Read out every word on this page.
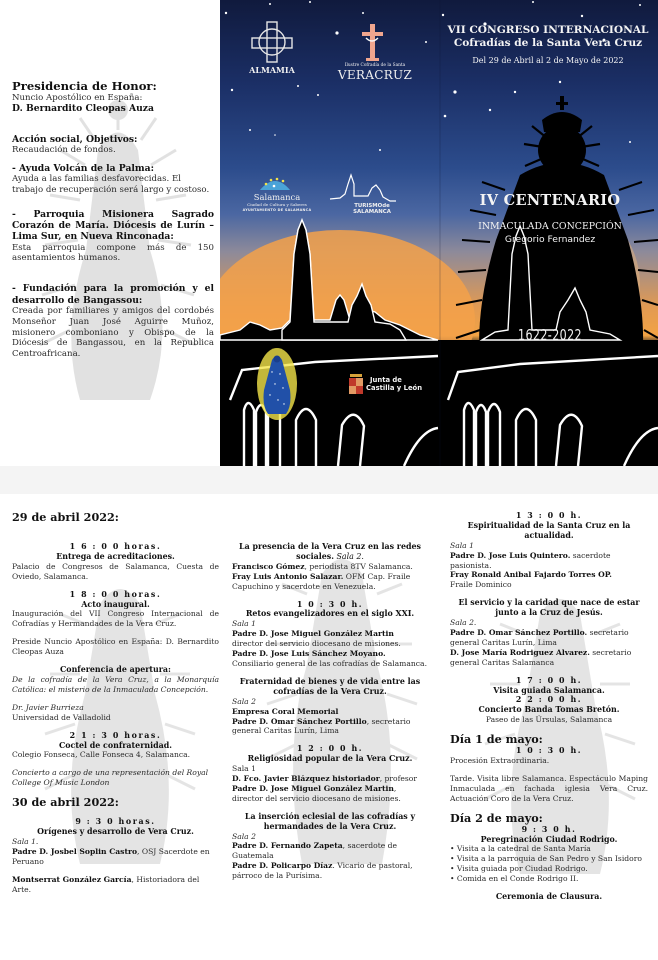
Presidencia de Honor:
Nuncio Apostólico en España:
D. Bernardito Cleopas Auza
Acción social, Objetivos:
Recaudación de fondos.
- Ayuda Volcán de la Palma:
Ayuda a las familias desfavorecidas. El trabajo de recuperación será largo y costoso.
- Parroquia Misionera Sagrado Corazón de María. Diócesis de Lurín – Lima Sur, en Nueva Rinconada:
Esta parroquia compone más de 150 asentamientos humanos.
- Fundación para la promoción y el desarrollo de Bangassou:
Creada por familiares y amigos del cordobés Monseñor Juan José Aguirre Muñoz, misionero comboniano y Obispo de la Diócesis de Bangassou, en la Republica Centroafricana.
ALMAMIA	Ilustre Cofradía de la Santa
VERACRUZ
VII CONGRESO INTERNACIONAL
Cofradías de la Santa Vera Cruz
Del 29 de Abril al 2 de Mayo de 2022
Salamanca
Ciudad de Cultura y Saberes
AYUNTAMIENTO DE SALAMANCA
TURISMOde
SALAMANCA
IV CENTENARIO
INMACULADA CONCEPCIÓN
Gregorio Fernandez
1622-2022
Junta de
Castilla y León
29 de abril 2022:
1 6 : 0 0 horas.
Entrega de acreditaciones.
Palacio de Congresos de Salamanca, Cuesta de Oviedo, Salamanca.
1 8 : 0 0 horas.
Acto inaugural.
Inauguración del VII Congreso Internacional de Cofradías y Hermandades de la Vera Cruz.
Preside Nuncio Apostólico en España: D. Bernardito Cleopas Auza
Conferencia de apertura:
De la cofradía de la Vera Cruz, a la Monarquía Católica: el misterio de la Inmaculada Concepción.
Dr. Javier Burrieza
Universidad de Valladolid
2 1 : 3 0 horas.
Coctel de confraternidad.
Colegio Fonseca, Calle Fonseca 4, Salamanca.
Concierto a cargo de una representación del Royal College Of Music London
30 de abril 2022:
9 : 3 0 horas.
Orígenes y desarrollo de Vera Cruz.
Sala 1.
Padre D. Josbel Soplin Castro, OSJ Sacerdote en Peruano
Montserrat González García, Historiadora del Arte.
La presencia de la Vera Cruz en las redes sociales. Sala 2.
Francisco Gómez, periodista 8TV Salamanca.
Fray Luis Antonio Salazar. OFM Cap. Fraile Capuchino y sacerdote en Venezuela.
1 0 : 3 0 h.
Retos evangelizadores en el siglo XXI.
Sala 1
Padre D. Jose Miguel González Martin
director del servicio diocesano de misiones.
Padre D. Jose Luis Sánchez Moyano. Consiliario general de las cofradías de Salamanca.
Fraternidad de bienes y de vida entre las cofradías de la Vera Cruz.
Sala 2
Empresa Coral Memorial
Padre D. Omar Sánchez Portillo, secretario general Caritas Lurín, Lima
1 2 : 0 0 h.
Religiosidad popular de la Vera Cruz.
Sala 1
D. Fco. Javier Blázquez historiador, profesor
Padre D. Jose Miguel González Martin, director del servicio diocesano de misiones.
La inserción eclesial de las cofradías y hermandades de la Vera Cruz.
Sala 2
Padre D. Fernando Zapeta, sacerdote de Guatemala
Padre D. Policarpo Díaz. Vicario de pastoral, párroco de la Purísima.
1 3 : 0 0 h.
Espiritualidad de la Santa Cruz en la actualidad.
Sala 1
Padre D. Jose Luis Quintero. sacerdote pasionista.
Fray Ronald Anibal Fajardo Torres OP.
Fraile Dominico
El servicio y la caridad que nace de estar junto a la Cruz de Jesús.
Sala 2.
Padre D. Omar Sánchez Portillo. secretario general Caritas Lurín, Lima
D. Jose María Rodriguez Alvarez. secretario general Caritas Salamanca
1 7 : 0 0 h.
Visita guiada Salamanca.
2 2 : 0 0 h.
Concierto Banda Tomas Bretón.
Paseo de las Úrsulas, Salamanca
Día 1 de mayo:
1 0 : 3 0 h.
Procesión Extraordinaria.
Tarde. Visita libre Salamanca. Espectáculo Maping Inmaculada en fachada iglesia Vera Cruz. Actuación Coro de la Vera Cruz.
Día 2 de mayo:
9 : 3 0 h.
Peregrinación Ciudad Rodrigo.
• Visita a la catedral de Santa María
• Visita a la parroquia de San Pedro y San Isidoro
• Visita guiada por Ciudad Rodrigo.
• Comida en el Conde Rodrigo II.
Ceremonia de Clausura.
